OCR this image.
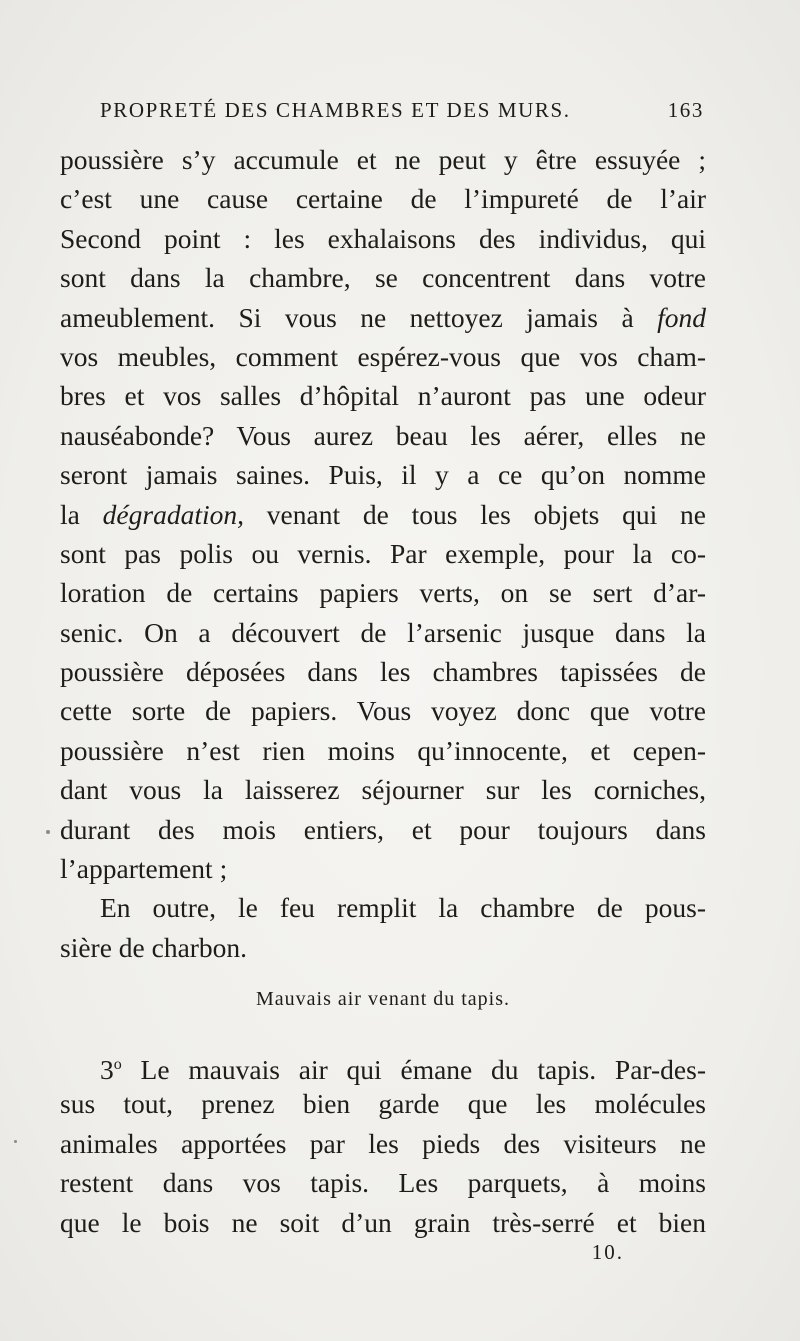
PROPRETÉ DES CHAMBRES ET DES MURS.	163
poussière s’y accumule et ne peut y être essuyée ;
c’est une cause certaine de l’impureté de l’air
Second point : les exhalaisons des individus, qui
sont dans la chambre, se concentrent dans votre
ameublement. Si vous ne nettoyez jamais à fond
vos meubles, comment espérez-vous que vos cham-
bres et vos salles d’hôpital n’auront pas une odeur
nauséabonde? Vous aurez beau les aérer, elles ne
seront jamais saines. Puis, il y a ce qu’on nomme
la dégradation, venant de tous les objets qui ne
sont pas polis ou vernis. Par exemple, pour la co-
loration de certains papiers verts, on se sert d’ar-
senic. On a découvert de l’arsenic jusque dans la
poussière déposées dans les chambres tapissées de
cette sorte de papiers. Vous voyez donc que votre
poussière n’est rien moins qu’innocente, et cepen-
dant vous la laisserez séjourner sur les corniches,
durant des mois entiers, et pour toujours dans
l’appartement ;
En outre, le feu remplit la chambre de pous-
sière de charbon.
Mauvais air venant du tapis.
3$^o$ Le mauvais air qui émane du tapis. Par-des-
sus tout, prenez bien garde que les molécules
animales apportées par les pieds des visiteurs ne
restent dans vos tapis. Les parquets, à moins
que le bois ne soit d’un grain très-serré et bien
10.
